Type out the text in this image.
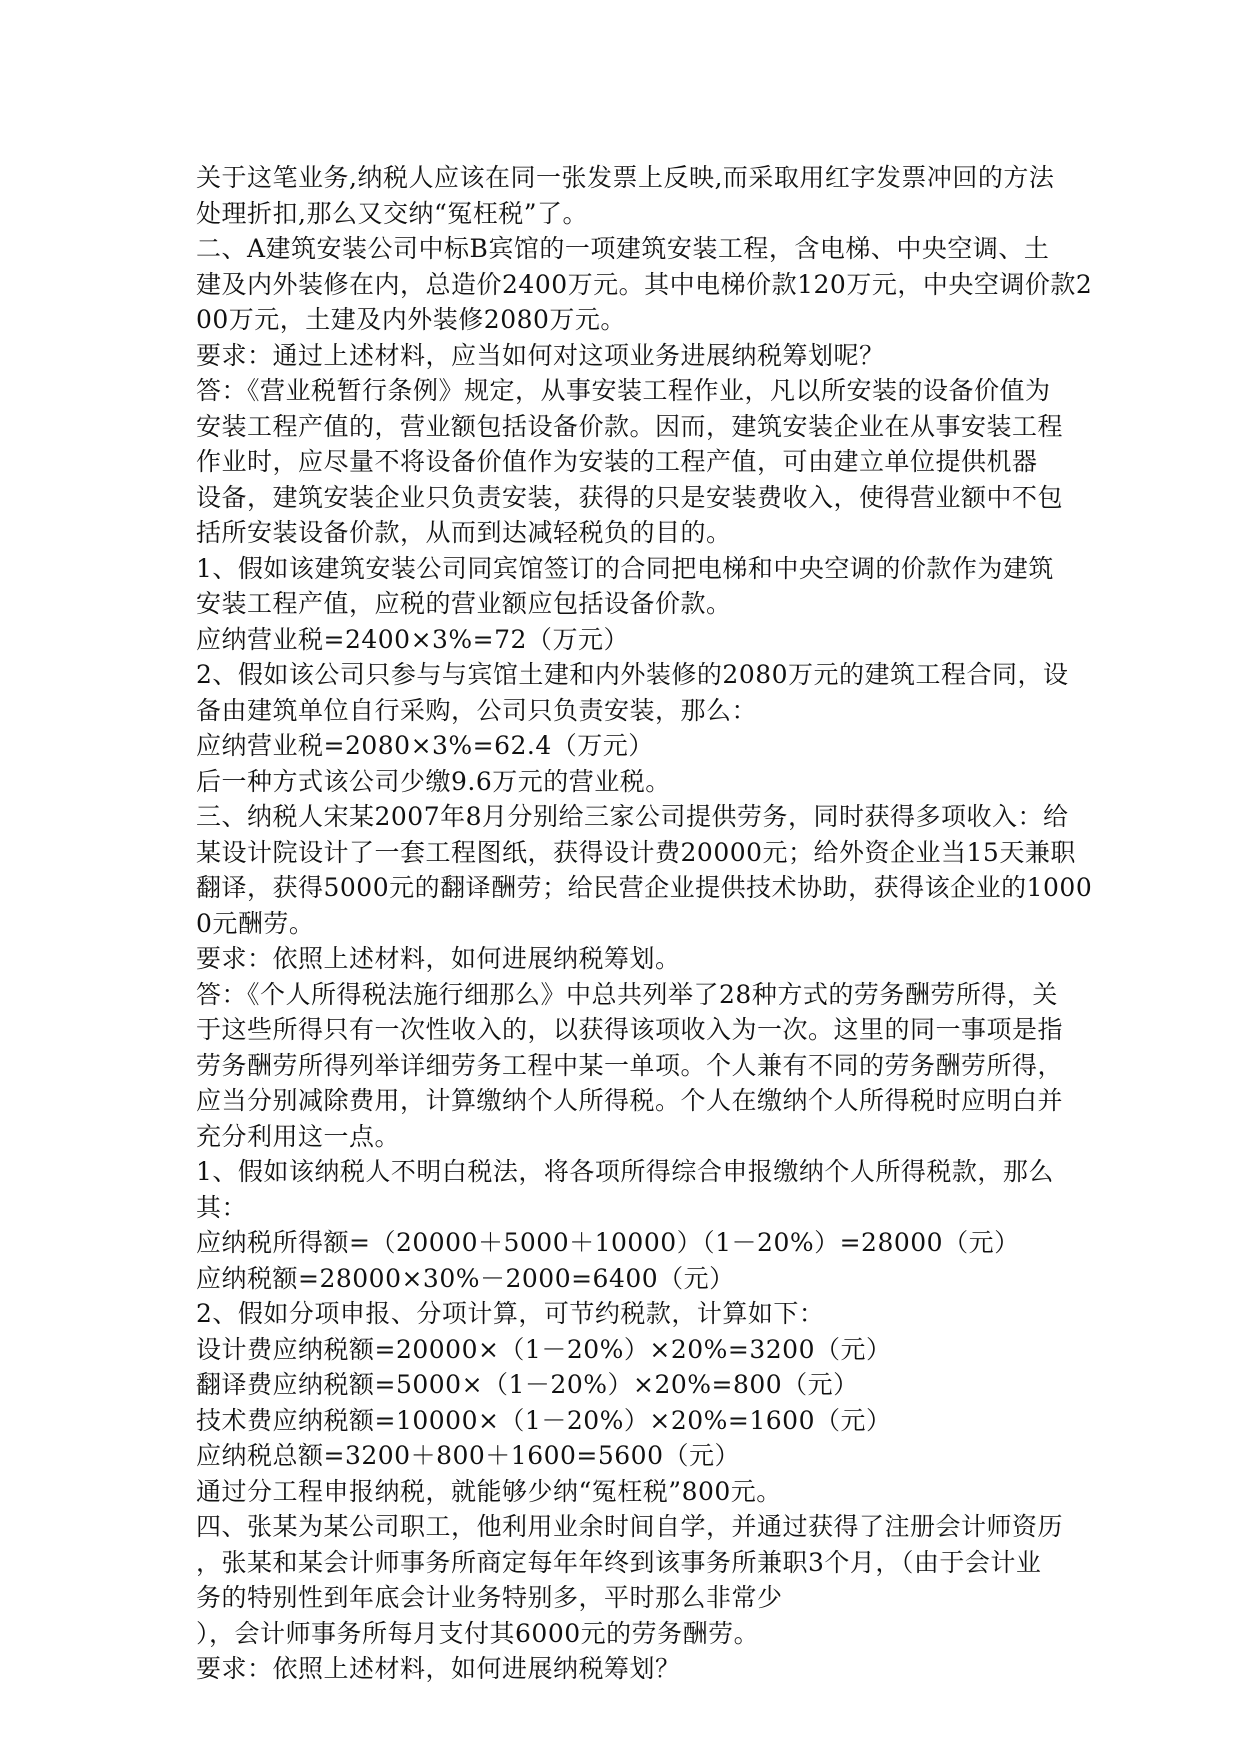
关于这笔业务,纳税人应该在同一张发票上反映,而采取用红字发票冲回的方法
处理折扣,那么又交纳“冤枉税”了。
二、A建筑安装公司中标B宾馆的一项建筑安装工程，含电梯、中央空调、土
建及内外装修在内，总造价2400万元。其中电梯价款120万元，中央空调价款2
00万元，土建及内外装修2080万元。
要求：通过上述材料，应当如何对这项业务进展纳税筹划呢？
答：《营业税暂行条例》规定，从事安装工程作业，凡以所安装的设备价值为
安装工程产值的，营业额包括设备价款。因而，建筑安装企业在从事安装工程
作业时，应尽量不将设备价值作为安装的工程产值，可由建立单位提供机器
设备，建筑安装企业只负责安装，获得的只是安装费收入，使得营业额中不包
括所安装设备价款，从而到达减轻税负的目的。
1、假如该建筑安装公司同宾馆签订的合同把电梯和中央空调的价款作为建筑
安装工程产值，应税的营业额应包括设备价款。
应纳营业税=2400×3%=72（万元）
2、假如该公司只参与与宾馆土建和内外装修的2080万元的建筑工程合同，设
备由建筑单位自行采购，公司只负责安装，那么：
应纳营业税=2080×3%=62.4（万元）
后一种方式该公司少缴9.6万元的营业税。
三、纳税人宋某2007年8月分别给三家公司提供劳务，同时获得多项收入：给
某设计院设计了一套工程图纸，获得设计费20000元；给外资企业当15天兼职
翻译，获得5000元的翻译酬劳；给民营企业提供技术协助，获得该企业的1000
0元酬劳。
要求：依照上述材料，如何进展纳税筹划。
答：《个人所得税法施行细那么》中总共列举了28种方式的劳务酬劳所得，关
于这些所得只有一次性收入的，以获得该项收入为一次。这里的同一事项是指
劳务酬劳所得列举详细劳务工程中某一单项。个人兼有不同的劳务酬劳所得，
应当分别减除费用，计算缴纳个人所得税。个人在缴纳个人所得税时应明白并
充分利用这一点。
1、假如该纳税人不明白税法，将各项所得综合申报缴纳个人所得税款，那么
其：
应纳税所得额=（20000＋5000＋10000）（1－20%）=28000（元）
应纳税额=28000×30%－2000=6400（元）
2、假如分项申报、分项计算，可节约税款，计算如下：
设计费应纳税额=20000×（1－20%）×20%=3200（元）
翻译费应纳税额=5000×（1－20%）×20%=800（元）
技术费应纳税额=10000×（1－20%）×20%=1600（元）
应纳税总额=3200＋800＋1600=5600（元）
通过分工程申报纳税，就能够少纳“冤枉税”800元。
四、张某为某公司职工，他利用业余时间自学，并通过获得了注册会计师资历
，张某和某会计师事务所商定每年年终到该事务所兼职3个月，（由于会计业
务的特别性到年底会计业务特别多，平时那么非常少
），会计师事务所每月支付其6000元的劳务酬劳。
要求：依照上述材料，如何进展纳税筹划？
